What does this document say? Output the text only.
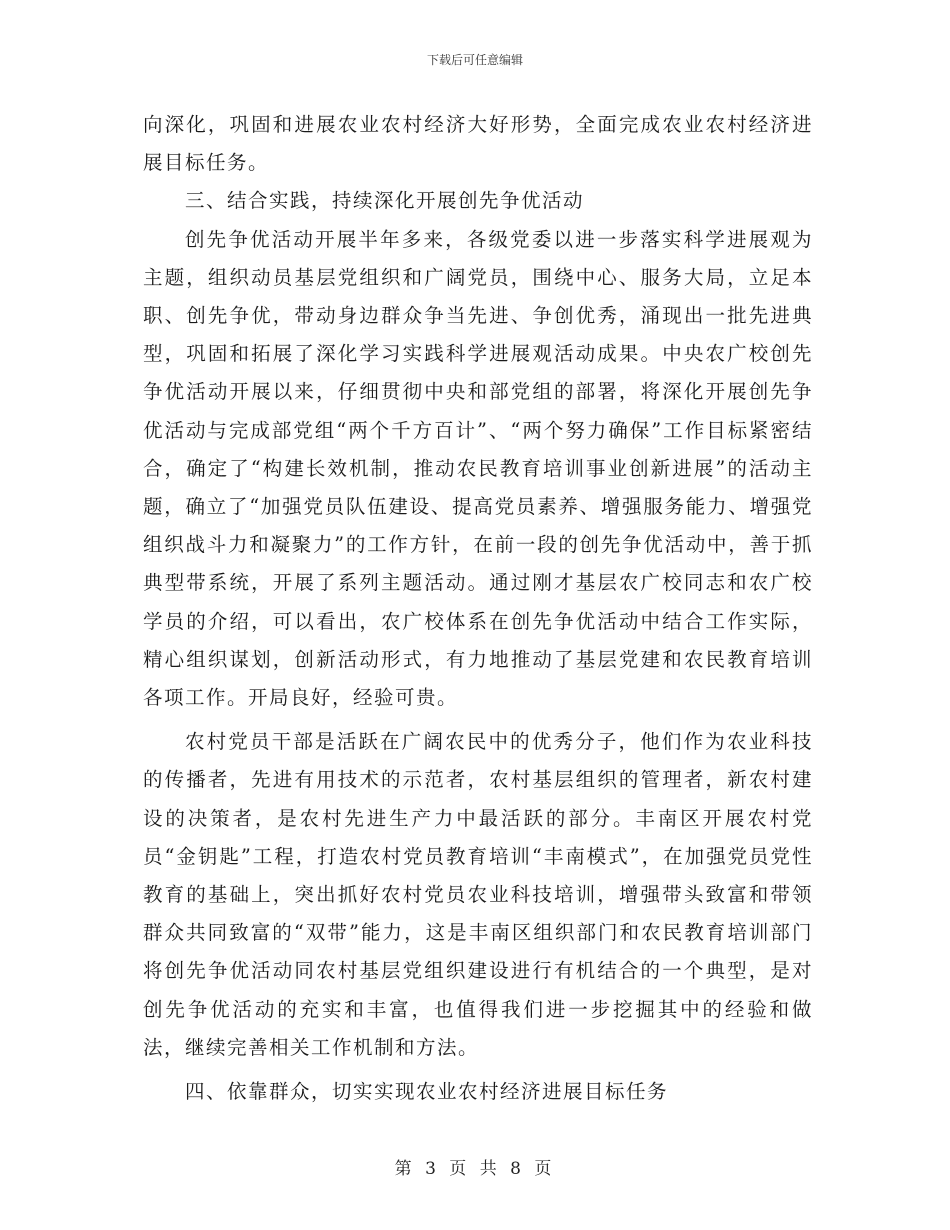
下载后可任意编辑

向深化，巩固和进展农业农村经济大好形势，全面完成农业农村经济进展目标任务。

三、结合实践，持续深化开展创先争优活动

创先争优活动开展半年多来，各级党委以进一步落实科学进展观为主题，组织动员基层党组织和广阔党员，围绕中心、服务大局，立足本职、创先争优，带动身边群众争当先进、争创优秀，涌现出一批先进典型，巩固和拓展了深化学习实践科学进展观活动成果。中央农广校创先争优活动开展以来，仔细贯彻中央和部党组的部署，将深化开展创先争优活动与完成部党组“两个千方百计”、“两个努力确保”工作目标紧密结合，确定了“构建长效机制，推动农民教育培训事业创新进展”的活动主题，确立了“加强党员队伍建设、提高党员素养、增强服务能力、增强党组织战斗力和凝聚力”的工作方针，在前一段的创先争优活动中，善于抓典型带系统，开展了系列主题活动。通过刚才基层农广校同志和农广校学员的介绍，可以看出，农广校体系在创先争优活动中结合工作实际，精心组织谋划，创新活动形式，有力地推动了基层党建和农民教育培训各项工作。开局良好，经验可贵。

农村党员干部是活跃在广阔农民中的优秀分子，他们作为农业科技的传播者，先进有用技术的示范者，农村基层组织的管理者，新农村建设的决策者，是农村先进生产力中最活跃的部分。丰南区开展农村党员“金钥匙”工程，打造农村党员教育培训“丰南模式”，在加强党员党性教育的基础上，突出抓好农村党员农业科技培训，增强带头致富和带领群众共同致富的“双带”能力，这是丰南区组织部门和农民教育培训部门将创先争优活动同农村基层党组织建设进行有机结合的一个典型，是对创先争优活动的充实和丰富，也值得我们进一步挖掘其中的经验和做法，继续完善相关工作机制和方法。

四、依靠群众，切实实现农业农村经济进展目标任务

第 3 页 共 8 页
